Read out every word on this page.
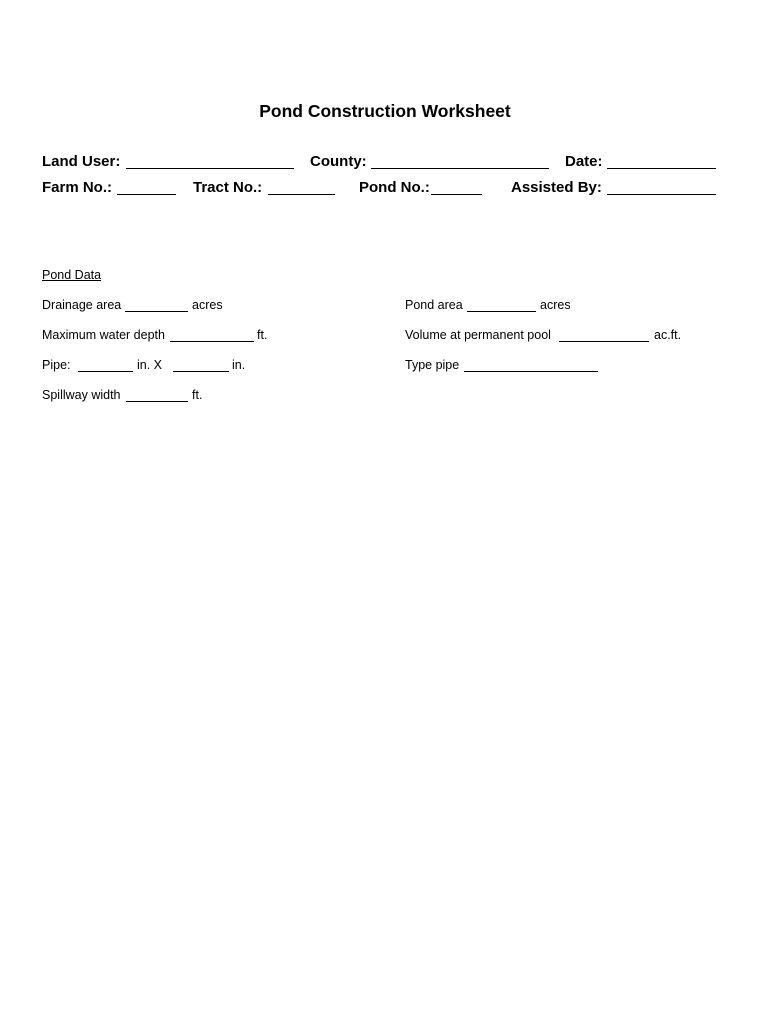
Pond Construction Worksheet
Land User:	County:	Date:
Farm No.:	Tract No.:	Pond No.:	Assisted By:
Pond Data
Drainage area	acres	Pond area	acres
Maximum water depth	ft.	Volume at permanent pool	ac.ft.
Pipe:	in. X	in.	Type pipe
Spillway width	ft.
